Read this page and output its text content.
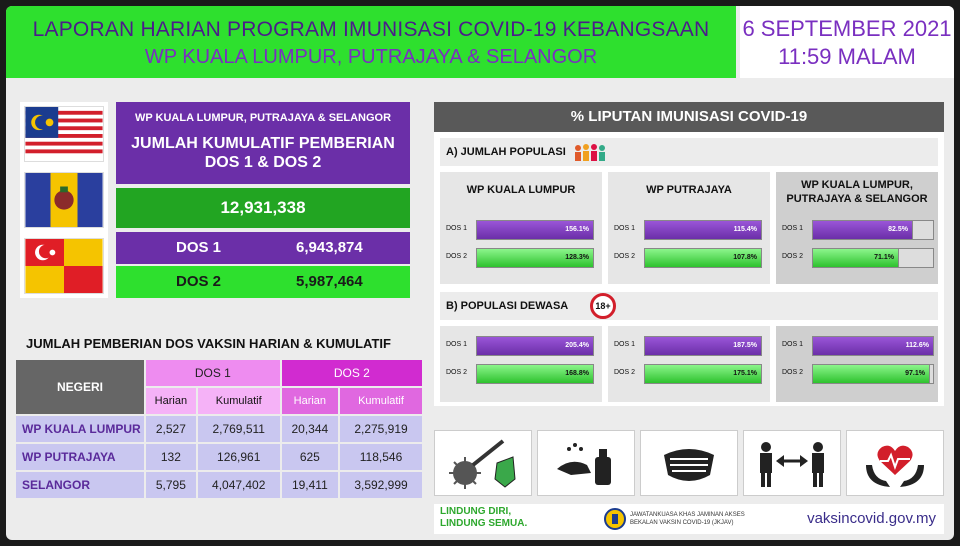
LAPORAN HARIAN PROGRAM IMUNISASI COVID-19 KEBANGSAAN
WP KUALA LUMPUR, PUTRAJAYA & SELANGOR
6 SEPTEMBER 2021
11:59 MALAM
WP KUALA LUMPUR, PUTRAJAYA & SELANGOR
JUMLAH KUMULATIF PEMBERIAN DOS 1 & DOS 2
12,931,338
DOS 1	6,943,874
DOS 2	5,987,464
JUMLAH PEMBERIAN DOS VAKSIN HARIAN & KUMULATIF
NEGERI	DOS 1		DOS 2	
	Harian	Kumulatif	Harian	Kumulatif
WP KUALA LUMPUR	2,527	2,769,511	20,344	2,275,919
WP PUTRAJAYA	132	126,961	625	118,546
SELANGOR	5,795	4,047,402	19,411	3,592,999
% LIPUTAN IMUNISASI COVID-19
A) JUMLAH POPULASI
WP KUALA LUMPUR
DOS 1	156.1%
DOS 2	128.3%
WP PUTRAJAYA
DOS 1	115.4%
DOS 2	107.8%
WP KUALA LUMPUR, PUTRAJAYA & SELANGOR
DOS 1	82.5%
DOS 2	71.1%
B) POPULASI DEWASA	18+
DOS 1	205.4%
DOS 2	168.8%
DOS 1	187.5%
DOS 2	175.1%
DOS 1	112.6%
DOS 2	97.1%
LINDUNG DIRI,
LINDUNG SEMUA.
JAWATANKUASA KHAS JAMINAN AKSES
BEKALAN VAKSIN COVID-19 (JKJAV)	vaksincovid.gov.my
